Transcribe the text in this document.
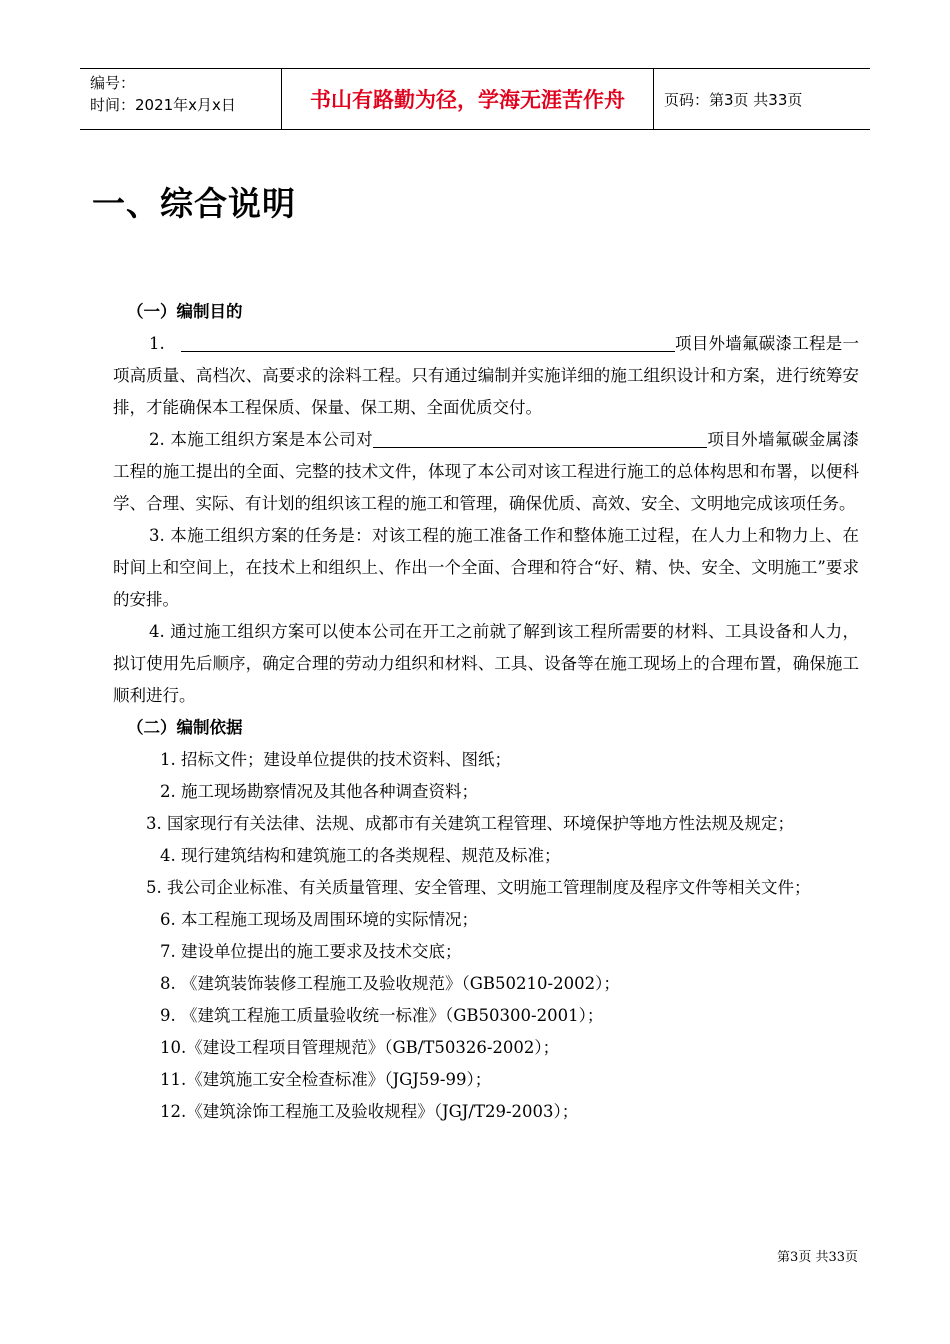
编号：
时间：2021年x月x日	书山有路勤为径，学海无涯苦作舟	页码：第3页 共33页
一、综合说明

（一）编制目的

1.	项目外墙氟碳漆工程是一项高质量、高档次、高要求的涂料工程。只有通过编制并实施详细的施工组织设计和方案，进行统筹安排，才能确保本工程保质、保量、保工期、全面优质交付。

2. 本施工组织方案是本公司对	项目外墙氟碳金属漆工程的施工提出的全面、完整的技术文件，体现了本公司对该工程进行施工的总体构思和布署，以便科学、合理、实际、有计划的组织该工程的施工和管理，确保优质、高效、安全、文明地完成该项任务。

3. 本施工组织方案的任务是：对该工程的施工准备工作和整体施工过程，在人力上和物力上、在时间上和空间上，在技术上和组织上、作出一个全面、合理和符合“好、精、快、安全、文明施工”要求的安排。

4. 通过施工组织方案可以使本公司在开工之前就了解到该工程所需要的材料、工具设备和人力，拟订使用先后顺序，确定合理的劳动力组织和材料、工具、设备等在施工现场上的合理布置，确保施工顺利进行。

（二）编制依据

1. 招标文件；建设单位提供的技术资料、图纸；

2. 施工现场勘察情况及其他各种调查资料；

3. 国家现行有关法律、法规、成都市有关建筑工程管理、环境保护等地方性法规及规定；

4. 现行建筑结构和建筑施工的各类规程、规范及标准；

5. 我公司企业标准、有关质量管理、安全管理、文明施工管理制度及程序文件等相关文件；

6. 本工程施工现场及周围环境的实际情况；

7. 建设单位提出的施工要求及技术交底；

8. 《建筑装饰装修工程施工及验收规范》（GB50210-2002）；

9. 《建筑工程施工质量验收统一标准》（GB50300-2001）；

10.《建设工程项目管理规范》（GB/T50326-2002）；

11.《建筑施工安全检查标准》（JGJ59-99）；

12.《建筑涂饰工程施工及验收规程》（JGJ/T29-2003）；

第3页 共33页
